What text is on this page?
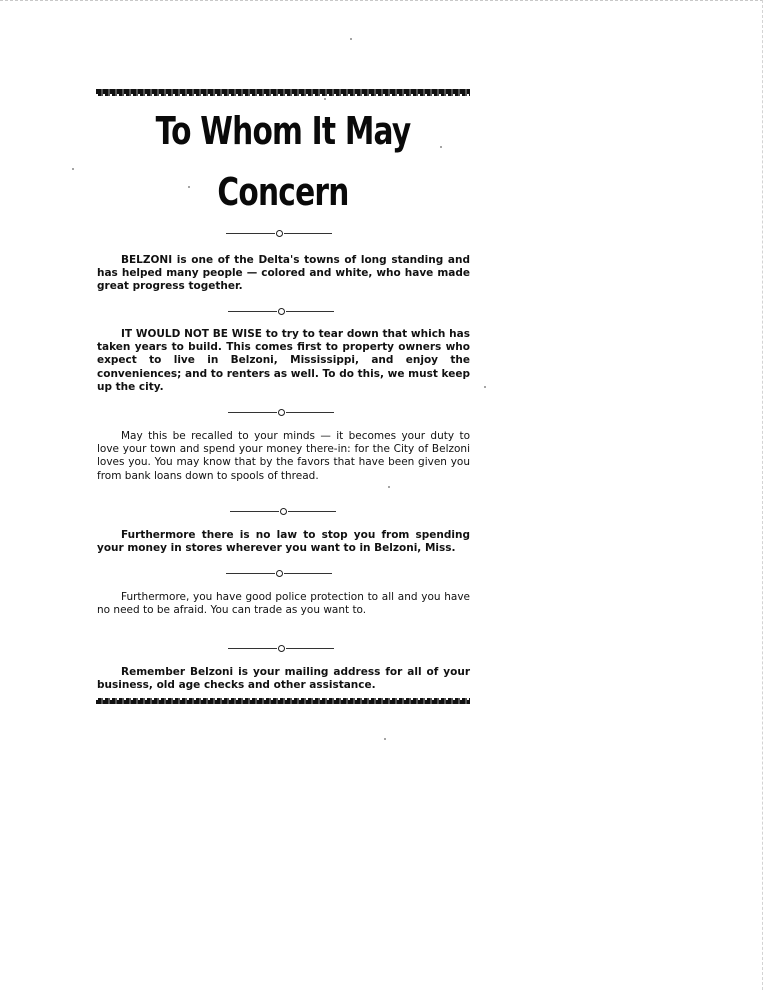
To Whom It May
Concern

BELZONI is one of the Delta's towns of long standing and has helped many people — colored and white, who have made great progress together.

IT WOULD NOT BE WISE to try to tear down that which has taken years to build. This comes first to property owners who expect to live in Belzoni, Mississippi, and enjoy the conveniences; and to renters as well. To do this, we must keep up the city.

May this be recalled to your minds — it becomes your duty to love your town and spend your money there-in: for the City of Belzoni loves you. You may know that by the favors that have been given you from bank loans down to spools of thread.

Furthermore there is no law to stop you from spending your money in stores wherever you want to in Belzoni, Miss.

Furthermore, you have good police protection to all and you have no need to be afraid. You can trade as you want to.

Remember Belzoni is your mailing address for all of your business, old age checks and other assistance.
